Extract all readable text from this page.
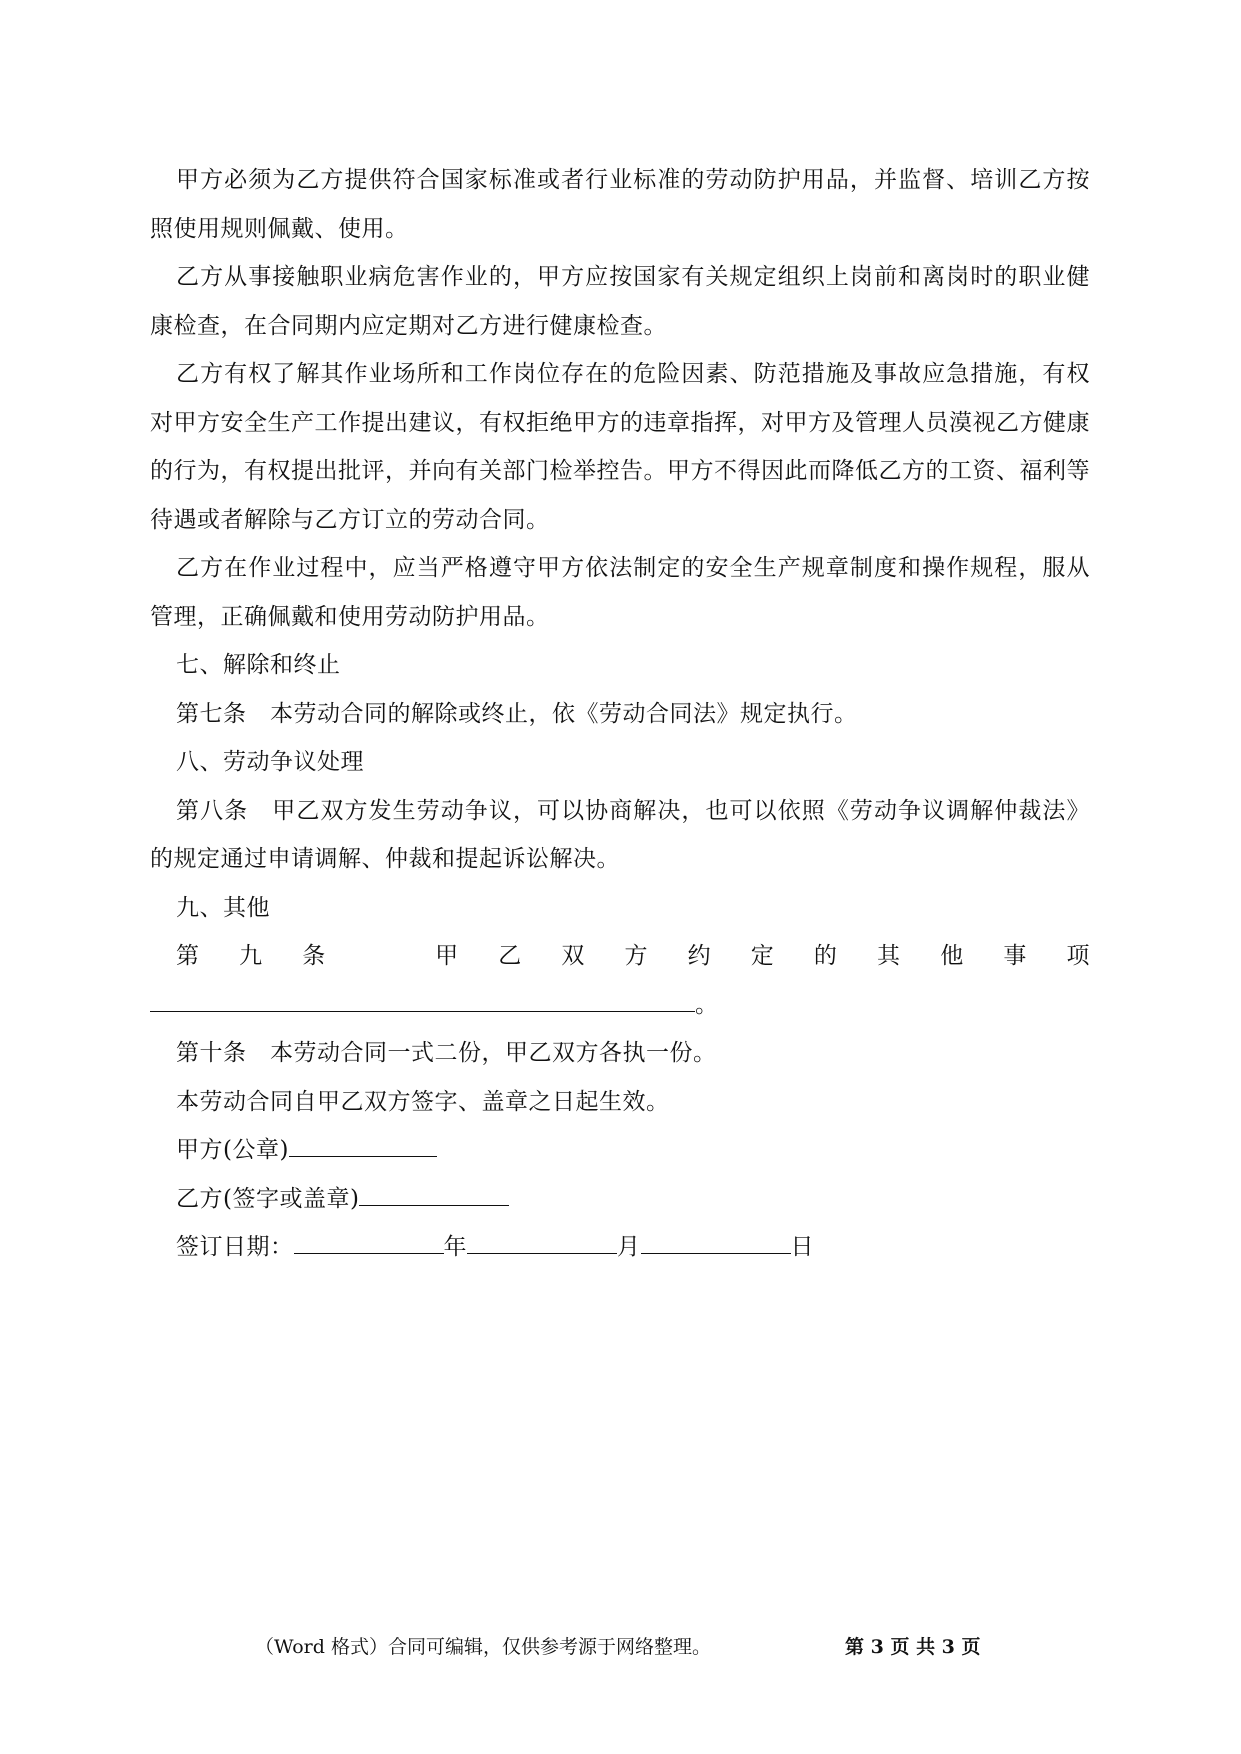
甲方必须为乙方提供符合国家标准或者行业标准的劳动防护用品，并监督、培训乙方按照使用规则佩戴、使用。

乙方从事接触职业病危害作业的，甲方应按国家有关规定组织上岗前和离岗时的职业健康检查，在合同期内应定期对乙方进行健康检查。

乙方有权了解其作业场所和工作岗位存在的危险因素、防范措施及事故应急措施，有权对甲方安全生产工作提出建议，有权拒绝甲方的违章指挥，对甲方及管理人员漠视乙方健康的行为，有权提出批评，并向有关部门检举控告。甲方不得因此而降低乙方的工资、福利等待遇或者解除与乙方订立的劳动合同。

乙方在作业过程中，应当严格遵守甲方依法制定的安全生产规章制度和操作规程，服从管理，正确佩戴和使用劳动防护用品。

七、解除和终止

第七条　本劳动合同的解除或终止，依《劳动合同法》规定执行。

八、劳动争议处理

第八条　甲乙双方发生劳动争议，可以协商解决，也可以依照《劳动争议调解仲裁法》的规定通过申请调解、仲裁和提起诉讼解决。

九、其他

第 九 条	甲 乙 双 方 约 定 的 其 他 事 项

。

第十条　本劳动合同一式二份，甲乙双方各执一份。

本劳动合同自甲乙双方签字、盖章之日起生效。

甲方(公章)

乙方(签字或盖章)

签订日期：	年	月	日

（Word 格式）合同可编辑，仅供参考源于网络整理。	第 3 页 共 3 页
